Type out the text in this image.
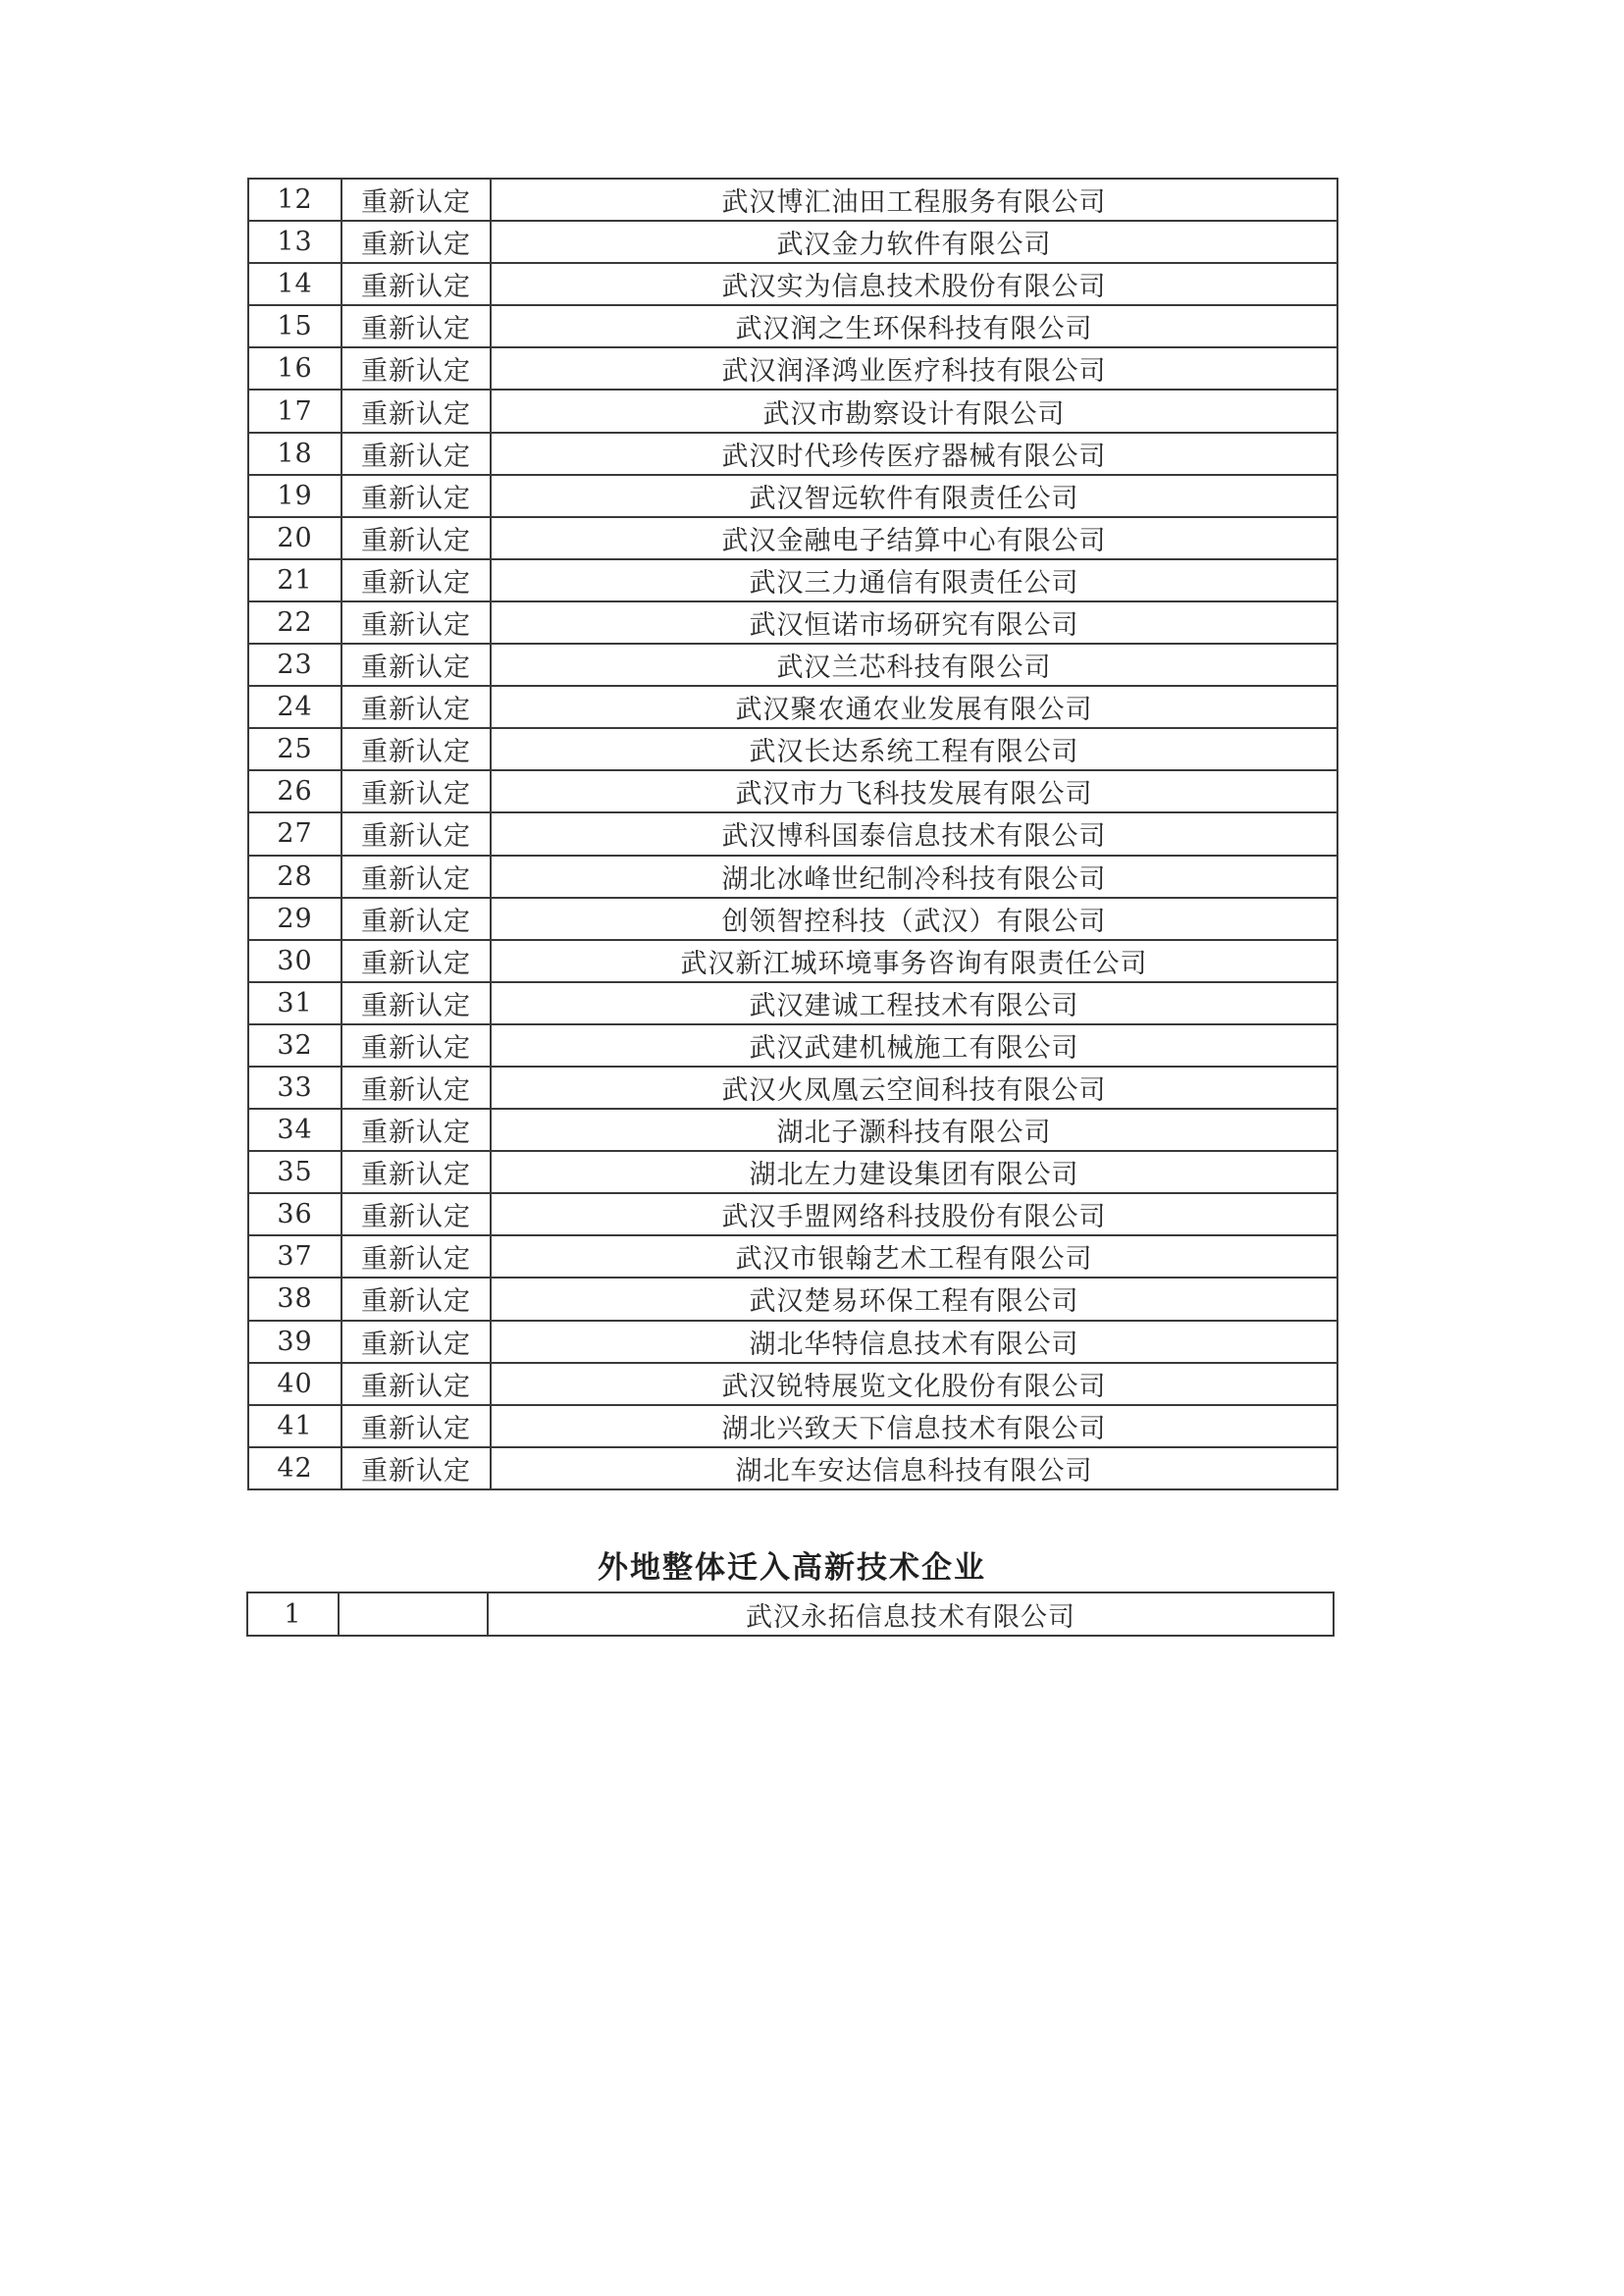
12	重新认定	武汉博汇油田工程服务有限公司
13	重新认定	武汉金力软件有限公司
14	重新认定	武汉实为信息技术股份有限公司
15	重新认定	武汉润之生环保科技有限公司
16	重新认定	武汉润泽鸿业医疗科技有限公司
17	重新认定	武汉市勘察设计有限公司
18	重新认定	武汉时代珍传医疗器械有限公司
19	重新认定	武汉智远软件有限责任公司
20	重新认定	武汉金融电子结算中心有限公司
21	重新认定	武汉三力通信有限责任公司
22	重新认定	武汉恒诺市场研究有限公司
23	重新认定	武汉兰芯科技有限公司
24	重新认定	武汉聚农通农业发展有限公司
25	重新认定	武汉长达系统工程有限公司
26	重新认定	武汉市力飞科技发展有限公司
27	重新认定	武汉博科国泰信息技术有限公司
28	重新认定	湖北冰峰世纪制冷科技有限公司
29	重新认定	创领智控科技（武汉）有限公司
30	重新认定	武汉新江城环境事务咨询有限责任公司
31	重新认定	武汉建诚工程技术有限公司
32	重新认定	武汉武建机械施工有限公司
33	重新认定	武汉火凤凰云空间科技有限公司
34	重新认定	湖北子灏科技有限公司
35	重新认定	湖北左力建设集团有限公司
36	重新认定	武汉手盟网络科技股份有限公司
37	重新认定	武汉市银翰艺术工程有限公司
38	重新认定	武汉楚易环保工程有限公司
39	重新认定	湖北华特信息技术有限公司
40	重新认定	武汉锐特展览文化股份有限公司
41	重新认定	湖北兴致天下信息技术有限公司
42	重新认定	湖北车安达信息科技有限公司
外地整体迁入高新技术企业
1		武汉永拓信息技术有限公司
